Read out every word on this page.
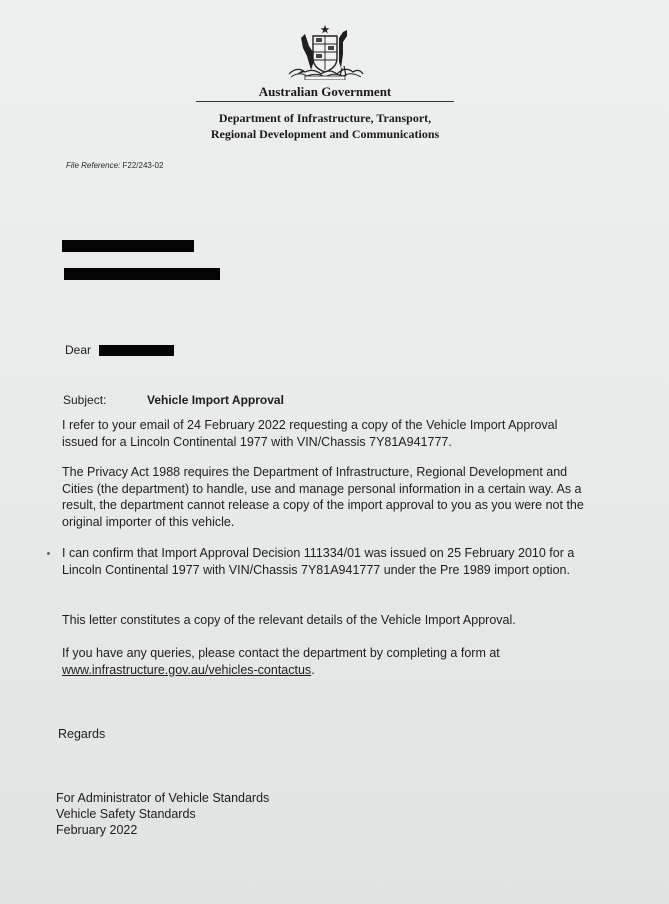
Australian Government
Department of Infrastructure, Transport,
Regional Development and Communications
File Reference: F22/243-02
Dear
Subject:	Vehicle Import Approval

I refer to your email of 24 February 2022 requesting a copy of the Vehicle Import Approval issued for a Lincoln Continental 1977 with VIN/Chassis 7Y81A941777.

The Privacy Act 1988 requires the Department of Infrastructure, Regional Development and Cities (the department) to handle, use and manage personal information in a certain way. As a result, the department cannot release a copy of the import approval to you as you were not the original importer of this vehicle.

I can confirm that Import Approval Decision 111334/01 was issued on 25 February 2010 for a Lincoln Continental 1977 with VIN/Chassis 7Y81A941777 under the Pre 1989 import option.

This letter constitutes a copy of the relevant details of the Vehicle Import Approval.

If you have any queries, please contact the department by completing a form at www.infrastructure.gov.au/vehicles-contactus.

Regards
For Administrator of Vehicle Standards
Vehicle Safety Standards
February 2022
